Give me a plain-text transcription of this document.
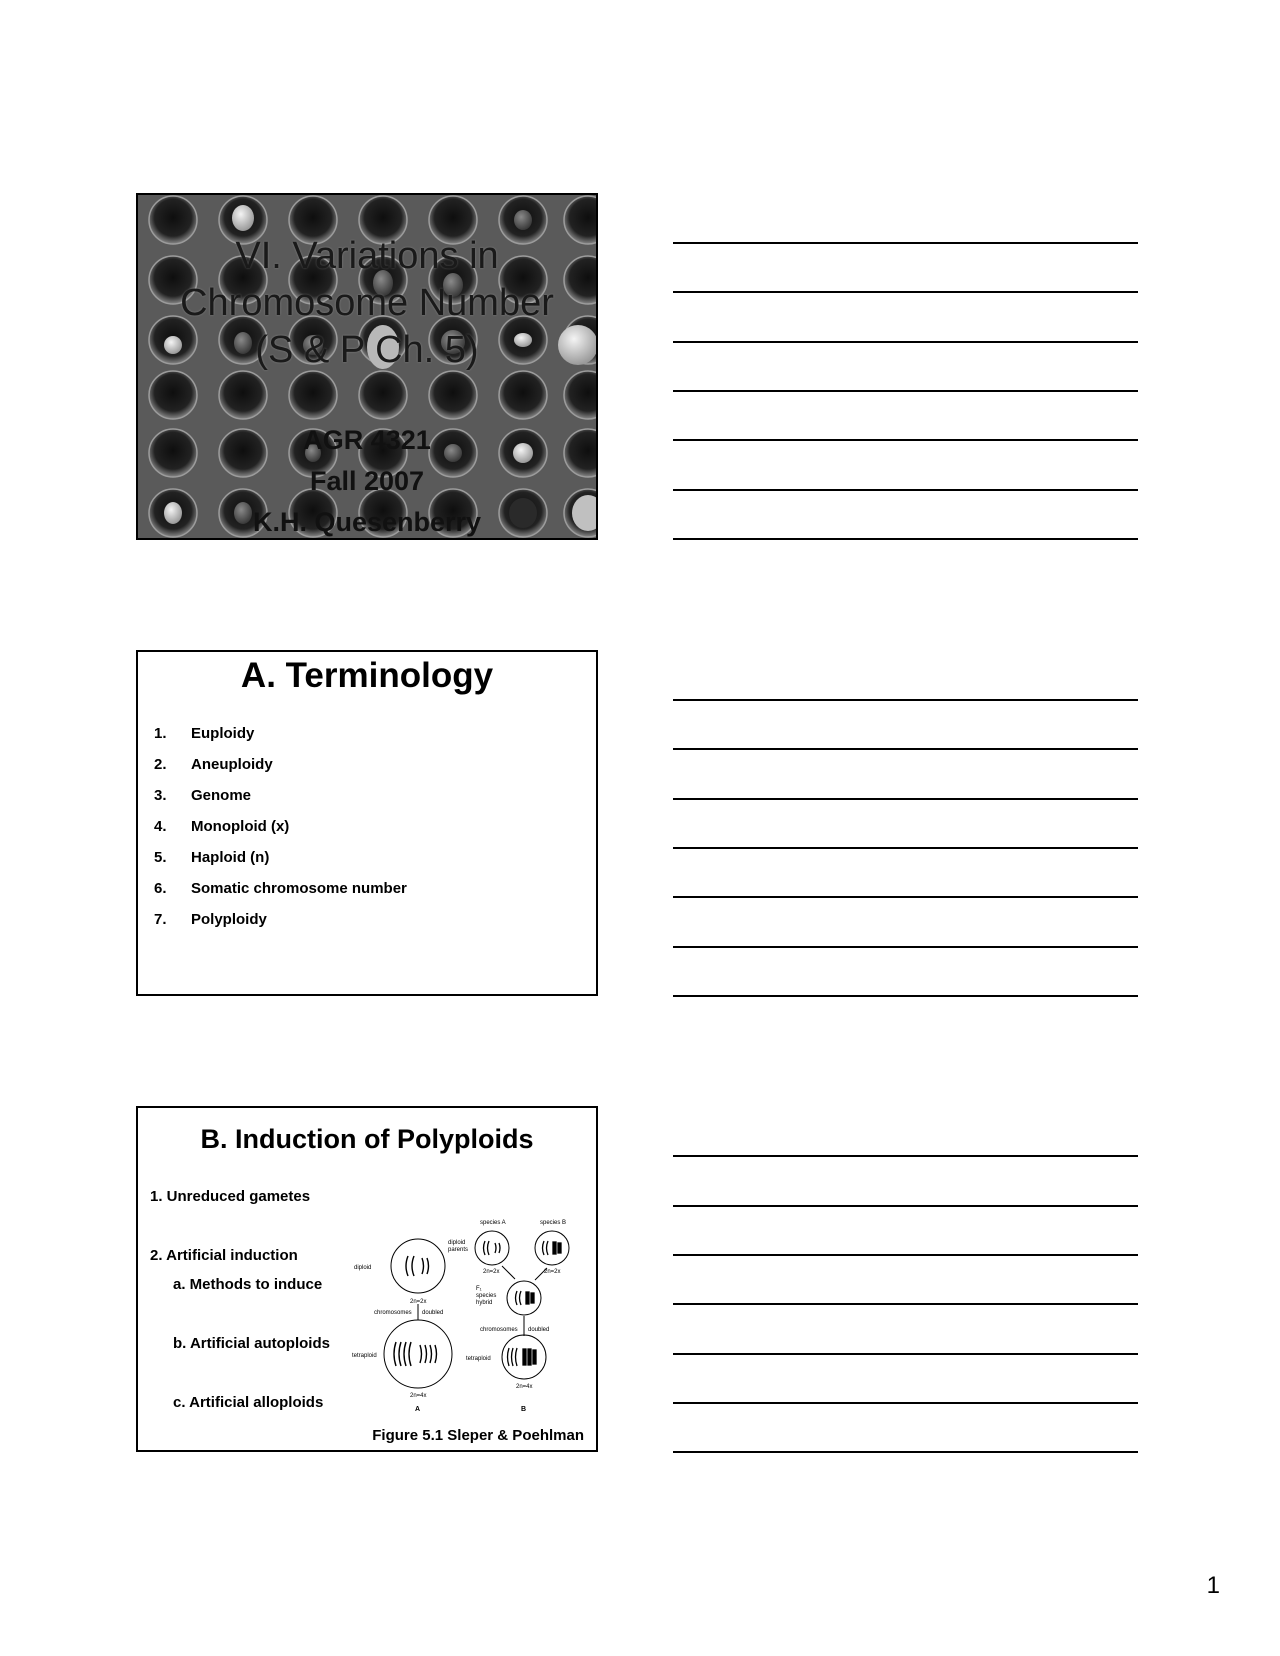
VI. Variations in
Chromosome Number
(S & P Ch. 5)
AGR 4321
Fall 2007
K.H. Quesenberry
A. Terminology
1. Euploidy
2. Aneuploidy
3. Genome
4. Monoploid (x)
5. Haploid (n)
6. Somatic chromosome number
7. Polyploidy
B. Induction of Polyploids
1. Unreduced gametes
2. Artificial induction
a. Methods to induce
b. Artificial autoploids
c. Artificial alloploids
diploid
2n=2x
chromosomes doubled
tetraploid
2n=4x
A
species A	species B
diploid
parents
2n=2x	2n=2x
F₁
species
hybrid
chromosomes doubled
tetraploid
2n=4x
B
Figure 5.1 Sleper & Poehlman
1
